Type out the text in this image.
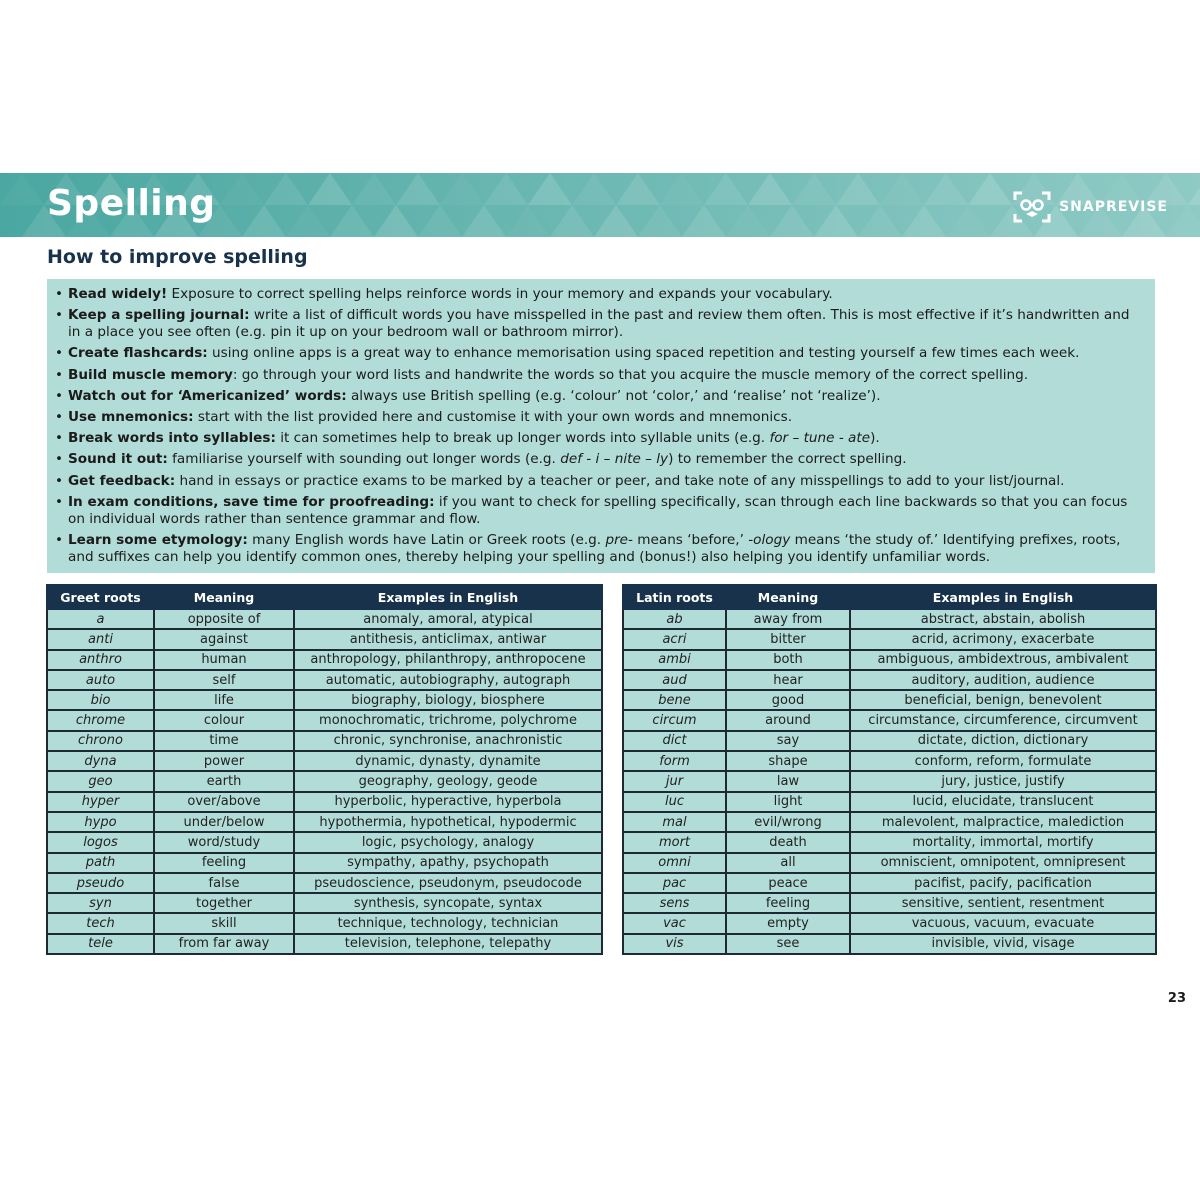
Spelling	SNAPREVISE
How to improve spelling
• Read widely! Exposure to correct spelling helps reinforce words in your memory and expands your vocabulary.
• Keep a spelling journal: write a list of difficult words you have misspelled in the past and review them often. This is most effective if it’s handwritten and in a place you see often (e.g. pin it up on your bedroom wall or bathroom mirror).
• Create flashcards: using online apps is a great way to enhance memorisation using spaced repetition and testing yourself a few times each week.
• Build muscle memory: go through your word lists and handwrite the words so that you acquire the muscle memory of the correct spelling.
• Watch out for ‘Americanized’ words: always use British spelling (e.g. ‘colour’ not ‘color,’ and ‘realise’ not ‘realize’).
• Use mnemonics: start with the list provided here and customise it with your own words and mnemonics.
• Break words into syllables: it can sometimes help to break up longer words into syllable units (e.g. for – tune - ate).
• Sound it out: familiarise yourself with sounding out longer words (e.g. def - i – nite – ly) to remember the correct spelling.
• Get feedback: hand in essays or practice exams to be marked by a teacher or peer, and take note of any misspellings to add to your list/journal.
• In exam conditions, save time for proofreading: if you want to check for spelling specifically, scan through each line backwards so that you can focus on individual words rather than sentence grammar and flow.
• Learn some etymology: many English words have Latin or Greek roots (e.g. pre- means ‘before,’ -ology means ‘the study of.’ Identifying prefixes, roots, and suffixes can help you identify common ones, thereby helping your spelling and (bonus!) also helping you identify unfamiliar words.
Greet roots	Meaning	Examples in English
a	opposite of	anomaly, amoral, atypical
anti	against	antithesis, anticlimax, antiwar
anthro	human	anthropology, philanthropy, anthropocene
auto	self	automatic, autobiography, autograph
bio	life	biography, biology, biosphere
chrome	colour	monochromatic, trichrome, polychrome
chrono	time	chronic, synchronise, anachronistic
dyna	power	dynamic, dynasty, dynamite
geo	earth	geography, geology, geode
hyper	over/above	hyperbolic, hyperactive, hyperbola
hypo	under/below	hypothermia, hypothetical, hypodermic
logos	word/study	logic, psychology, analogy
path	feeling	sympathy, apathy, psychopath
pseudo	false	pseudoscience, pseudonym, pseudocode
syn	together	synthesis, syncopate, syntax
tech	skill	technique, technology, technician
tele	from far away	television, telephone, telepathy
Latin roots	Meaning	Examples in English
ab	away from	abstract, abstain, abolish
acri	bitter	acrid, acrimony, exacerbate
ambi	both	ambiguous, ambidextrous, ambivalent
aud	hear	auditory, audition, audience
bene	good	beneficial, benign, benevolent
circum	around	circumstance, circumference, circumvent
dict	say	dictate, diction, dictionary
form	shape	conform, reform, formulate
jur	law	jury, justice, justify
luc	light	lucid, elucidate, translucent
mal	evil/wrong	malevolent, malpractice, malediction
mort	death	mortality, immortal, mortify
omni	all	omniscient, omnipotent, omnipresent
pac	peace	pacifist, pacify, pacification
sens	feeling	sensitive, sentient, resentment
vac	empty	vacuous, vacuum, evacuate
vis	see	invisible, vivid, visage
23
